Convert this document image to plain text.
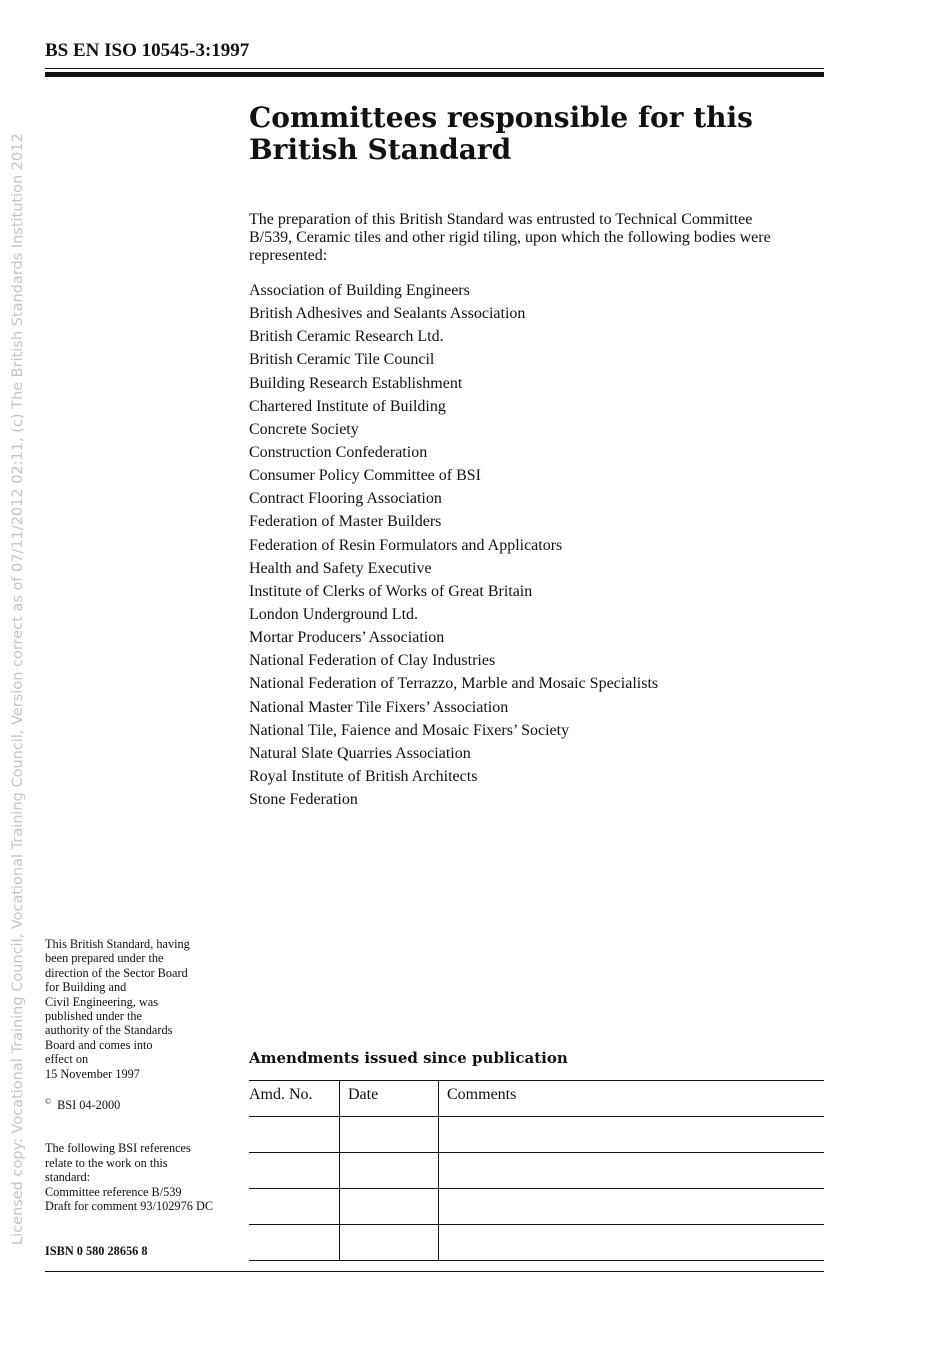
Licensed copy: Vocational Training Council, Vocational Training Council, Version correct as of 07/11/2012 02:11, (c) The British Standards Institution 2012
BS EN ISO 10545-3:1997
Committees responsible for this
British Standard
The preparation of this British Standard was entrusted to Technical Committee B/539, Ceramic tiles and other rigid tiling, upon which the following bodies were represented:
Association of Building Engineers
British Adhesives and Sealants Association
British Ceramic Research Ltd.
British Ceramic Tile Council
Building Research Establishment
Chartered Institute of Building
Concrete Society
Construction Confederation
Consumer Policy Committee of BSI
Contract Flooring Association
Federation of Master Builders
Federation of Resin Formulators and Applicators
Health and Safety Executive
Institute of Clerks of Works of Great Britain
London Underground Ltd.
Mortar Producers’ Association
National Federation of Clay Industries
National Federation of Terrazzo, Marble and Mosaic Specialists
National Master Tile Fixers’ Association
National Tile, Faience and Mosaic Fixers’ Society
Natural Slate Quarries Association
Royal Institute of British Architects
Stone Federation
This British Standard, having
been prepared under the
direction of the Sector Board
for Building and
Civil Engineering, was
published under the
authority of the Standards
Board and comes into
effect on
15 November 1997
© BSI 04-2000
The following BSI references
relate to the work on this
standard:
Committee reference B/539
Draft for comment 93/102976 DC
ISBN 0 580 28656 8
Amendments issued since publication
Amd. No.	Date	Comments
